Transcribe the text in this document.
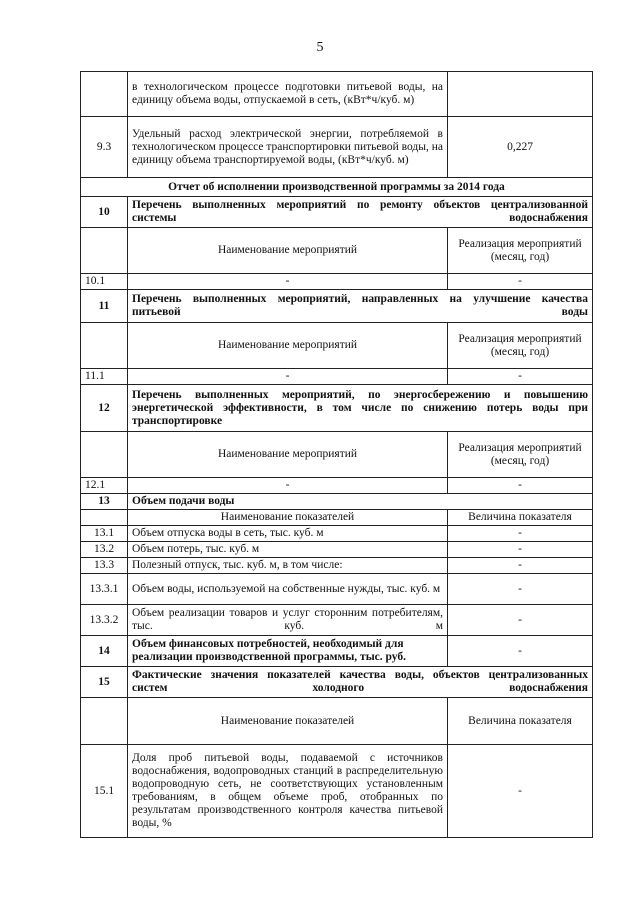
5
	в технологическом процессе подготовки питьевой воды, на единицу объема воды, отпускаемой в сеть, (кВт*ч/куб. м)	
9.3	Удельный расход электрической энергии, потребляемой в технологическом процессе транспортировки питьевой воды, на единицу объема транспортируемой воды, (кВт*ч/куб. м)	0,227
Отчет об исполнении производственной программы за 2014 года		
10	Перечень выполненных мероприятий по ремонту объектов централизованной системы водоснабжения	
	Наименование мероприятий	Реализация мероприятий (месяц, год)
10.1	-	-
11	Перечень выполненных мероприятий, направленных на улучшение качества питьевой воды	
	Наименование мероприятий	Реализация мероприятий (месяц, год)
11.1	-	-
12	Перечень выполненных мероприятий, по энергосбережению и повышению энергетической эффективности, в том числе по снижению потерь воды при транспортировке	
	Наименование мероприятий	Реализация мероприятий (месяц, год)
12.1	-	-
13	Объем подачи воды	
	Наименование показателей	Величина показателя
13.1	Объем отпуска воды в сеть, тыс. куб. м	-
13.2	Объем потерь, тыс. куб. м	-
13.3	Полезный отпуск, тыс. куб. м, в том числе:	-
13.3.1	Объем воды, используемой на собственные нужды, тыс. куб. м	-
13.3.2	Объем реализации товаров и услуг сторонним потребителям, тыс. куб. м	-
14	Объем финансовых потребностей, необходимый для реализации производственной программы, тыс. руб.	-
15	Фактические значения показателей качества воды, объектов централизованных систем холодного водоснабжения	
	Наименование показателей	Величина показателя
15.1	Доля проб питьевой воды, подаваемой с источников водоснабжения, водопроводных станций в распределительную водопроводную сеть, не соответствующих установленным требованиям, в общем объеме проб, отобранных по результатам производственного контроля качества питьевой воды, %	-
